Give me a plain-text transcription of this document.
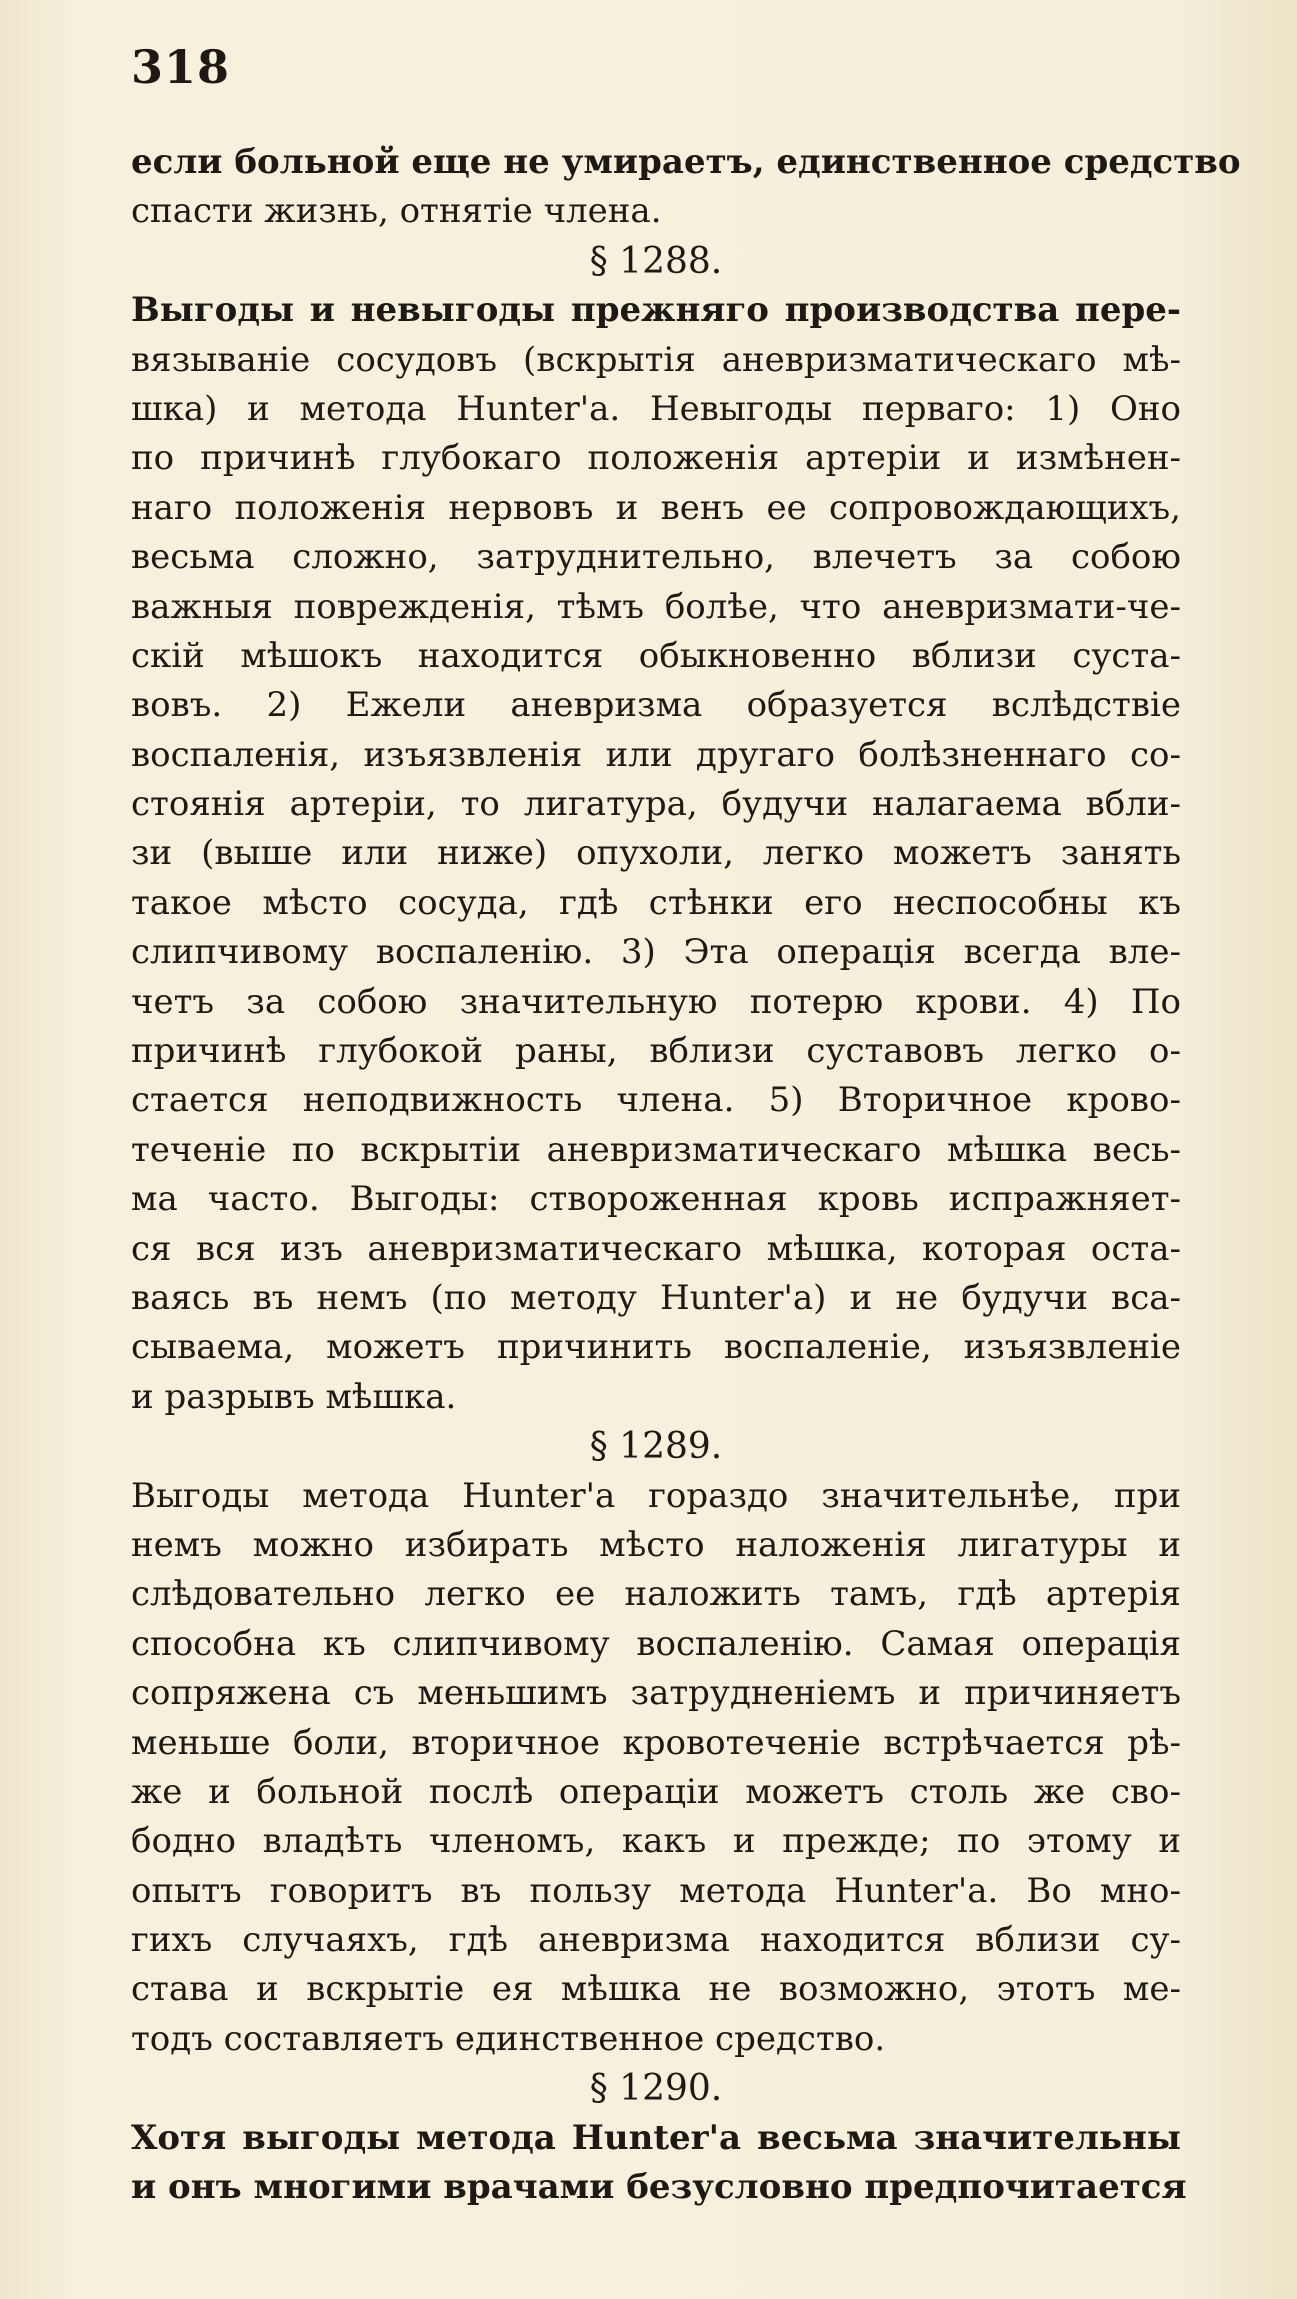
318
если больной еще не умираетъ, единственное средство
спасти жизнь, отнятіе члена.
§ 1288.
Выгоды и невыгоды прежняго производства пере-
вязываніе сосудовъ (вскрытія аневризматическаго мѣ-
шка) и метода Hunter'a. Невыгоды перваго: 1) Оно
по причинѣ глубокаго положенія артеріи и измѣнен-
наго положенія нервовъ и венъ ее сопровождающихъ,
весьма сложно, затруднительно, влечетъ за собою
важныя поврежденія, тѣмъ болѣе, что аневризмати-че-
скій мѣшокъ находится обыкновенно вблизи суста-
вовъ. 2) Ежели аневризма образуется вслѣдствіе
воспаленія, изъязвленія или другаго болѣзненнаго со-
стоянія артеріи, то лигатура, будучи налагаема вбли-
зи (выше или ниже) опухоли, легко можетъ занять
такое мѣсто сосуда, гдѣ стѣнки его неспособны къ
слипчивому воспаленію. 3) Эта операція всегда вле-
четъ за собою значительную потерю крови. 4) По
причинѣ глубокой раны, вблизи суставовъ легко о-
стается неподвижность члена. 5) Вторичное крово-
теченіе по вскрытіи аневризматическаго мѣшка весь-
ма часто. Выгоды: створоженная кровь испражняет-
ся вся изъ аневризматическаго мѣшка, которая оста-
ваясь въ немъ (по методу Hunter'a) и не будучи вса-
сываема, можетъ причинить воспаленіе, изъязвленіе
и разрывъ мѣшка.
§ 1289.
Выгоды метода Hunter'a гораздо значительнѣе, при
немъ можно избирать мѣсто наложенія лигатуры и
слѣдовательно легко ее наложить тамъ, гдѣ артерія
способна къ слипчивому воспаленію. Самая операція
сопряжена съ меньшимъ затрудненіемъ и причиняетъ
меньше боли, вторичное кровотеченіе встрѣчается рѣ-
же и больной послѣ операціи можетъ столь же сво-
бодно владѣть членомъ, какъ и прежде; по этому и
опытъ говоритъ въ пользу метода Hunter'a. Во мно-
гихъ случаяхъ, гдѣ аневризма находится вблизи су-
става и вскрытіе ея мѣшка не возможно, этотъ ме-
тодъ составляетъ единственное средство.
§ 1290.
Хотя выгоды метода Hunter'a весьма значительны
и онъ многими врачами безусловно предпочитается
